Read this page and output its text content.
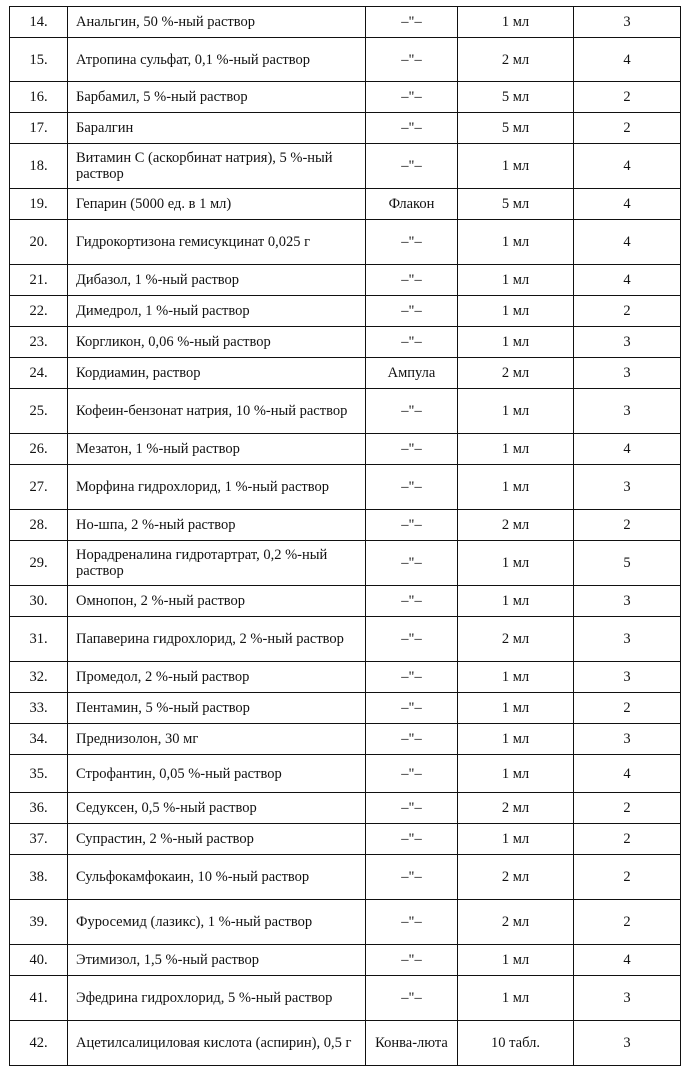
14.	Анальгин, 50 %-ный раствор	–"–	1 мл	3
15.	Атропина сульфат, 0,1 %-ный раствор	–"–	2 мл	4
16.	Барбамил, 5 %-ный раствор	–"–	5 мл	2
17.	Баралгин	–"–	5 мл	2
18.	Витамин С (аскорбинат натрия), 5 %-ный раствор	–"–	1 мл	4
19.	Гепарин (5000 ед. в 1 мл)	Флакон	5 мл	4
20.	Гидрокортизона гемисукцинат 0,025 г	–"–	1 мл	4
21.	Дибазол, 1 %-ный раствор	–"–	1 мл	4
22.	Димедрол, 1 %-ный раствор	–"–	1 мл	2
23.	Коргликон, 0,06 %-ный раствор	–"–	1 мл	3
24.	Кордиамин, раствор	Ампула	2 мл	3
25.	Кофеин-бензонат натрия, 10 %-ный раствор	–"–	1 мл	3
26.	Мезатон, 1 %-ный раствор	–"–	1 мл	4
27.	Морфина гидрохлорид, 1 %-ный раствор	–"–	1 мл	3
28.	Но-шпа, 2 %-ный раствор	–"–	2 мл	2
29.	Норадреналина гидротартрат, 0,2 %-ный раствор	–"–	1 мл	5
30.	Омнопон, 2 %-ный раствор	–"–	1 мл	3
31.	Папаверина гидрохлорид, 2 %-ный раствор	–"–	2 мл	3
32.	Промедол, 2 %-ный раствор	–"–	1 мл	3
33.	Пентамин, 5 %-ный раствор	–"–	1 мл	2
34.	Преднизолон, 30 мг	–"–	1 мл	3
35.	Строфантин, 0,05 %-ный раствор	–"–	1 мл	4
36.	Седуксен, 0,5 %-ный раствор	–"–	2 мл	2
37.	Супрастин, 2 %-ный раствор	–"–	1 мл	2
38.	Сульфокамфокаин, 10 %-ный раствор	–"–	2 мл	2
39.	Фуросемид (лазикс), 1 %-ный раствор	–"–	2 мл	2
40.	Этимизол, 1,5 %-ный раствор	–"–	1 мл	4
41.	Эфедрина гидрохлорид, 5 %-ный раствор	–"–	1 мл	3
42.	Ацетилсалициловая кислота (аспирин), 0,5 г	Конва-люта	10 табл.	3
